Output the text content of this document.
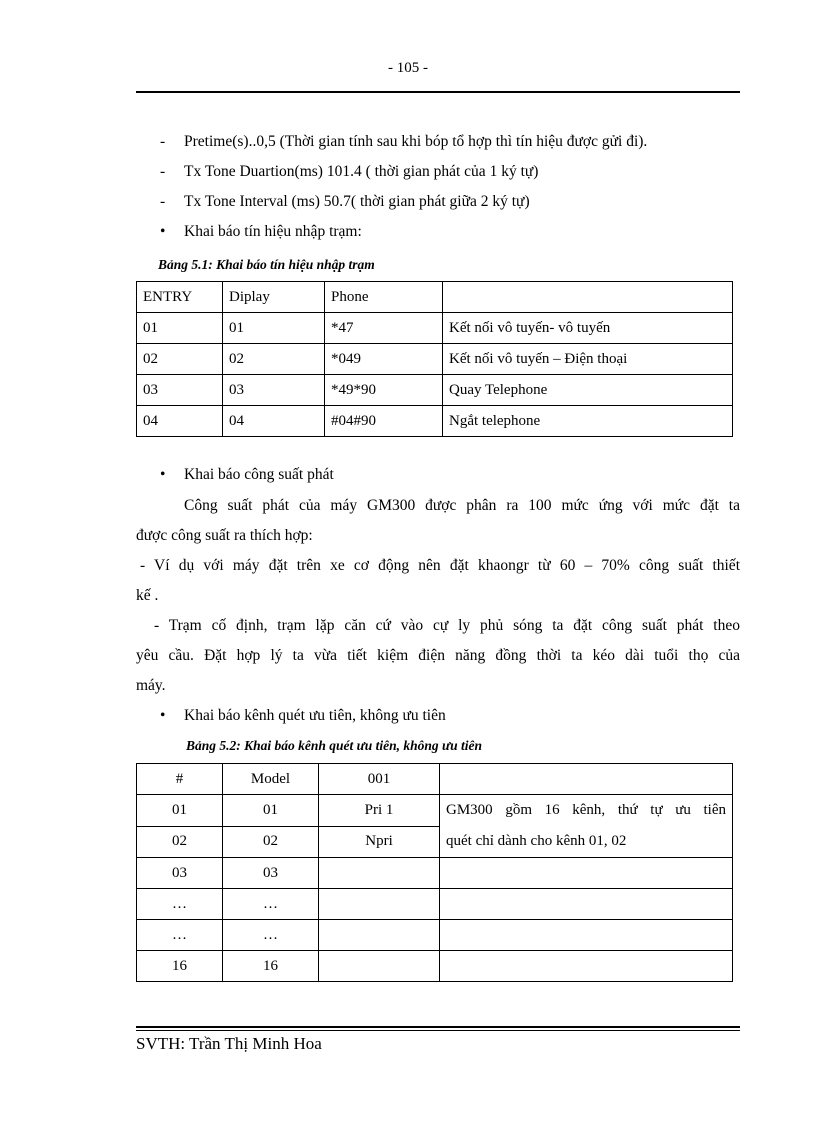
- 105 -
- Pretime(s)..0,5 (Thời gian tính sau khi bóp tổ hợp thì tín hiệu được gửi đi).
- Tx Tone Duartion(ms) 101.4 ( thời gian phát của 1 ký tự)
- Tx Tone Interval (ms) 50.7( thời gian phát giữa 2 ký tự)
• Khai báo tín hiệu nhập trạm:
Bảng 5.1: Khai báo tín hiệu nhập trạm
ENTRY	Diplay	Phone	
01	01	*47	Kết nối vô tuyến- vô tuyến
02	02	*049	Kết nối vô tuyến – Điện thoại
03	03	*49*90	Quay Telephone
04	04	#04#90	Ngắt telephone
• Khai báo công suất phát
Công suất phát của máy GM300 được phân ra 100 mức ứng với mức đặt ta
được công suất ra thích hợp:
- Ví dụ với máy đặt trên xe cơ động nên đặt khaongr từ 60 – 70% công suất thiết
kế .
- Trạm cố định, trạm lặp căn cứ vào cự ly phủ sóng ta đặt công suất phát theo
yêu cầu. Đặt hợp lý ta vừa tiết kiệm điện năng đồng thời ta kéo dài tuổi thọ của
máy.
• Khai báo kênh quét ưu tiên, không ưu tiên
Bảng 5.2: Khai báo kênh quét ưu tiên, không ưu tiên
#	Model	001	
01	01	Pri 1	GM300 gồm 16 kênh, thứ tự ưu tiên
quét chỉ dành cho kênh 01, 02

02	02	Npri	
03	03		
…	…		
…	…		
16	16		
SVTH: Trần Thị Minh Hoa
